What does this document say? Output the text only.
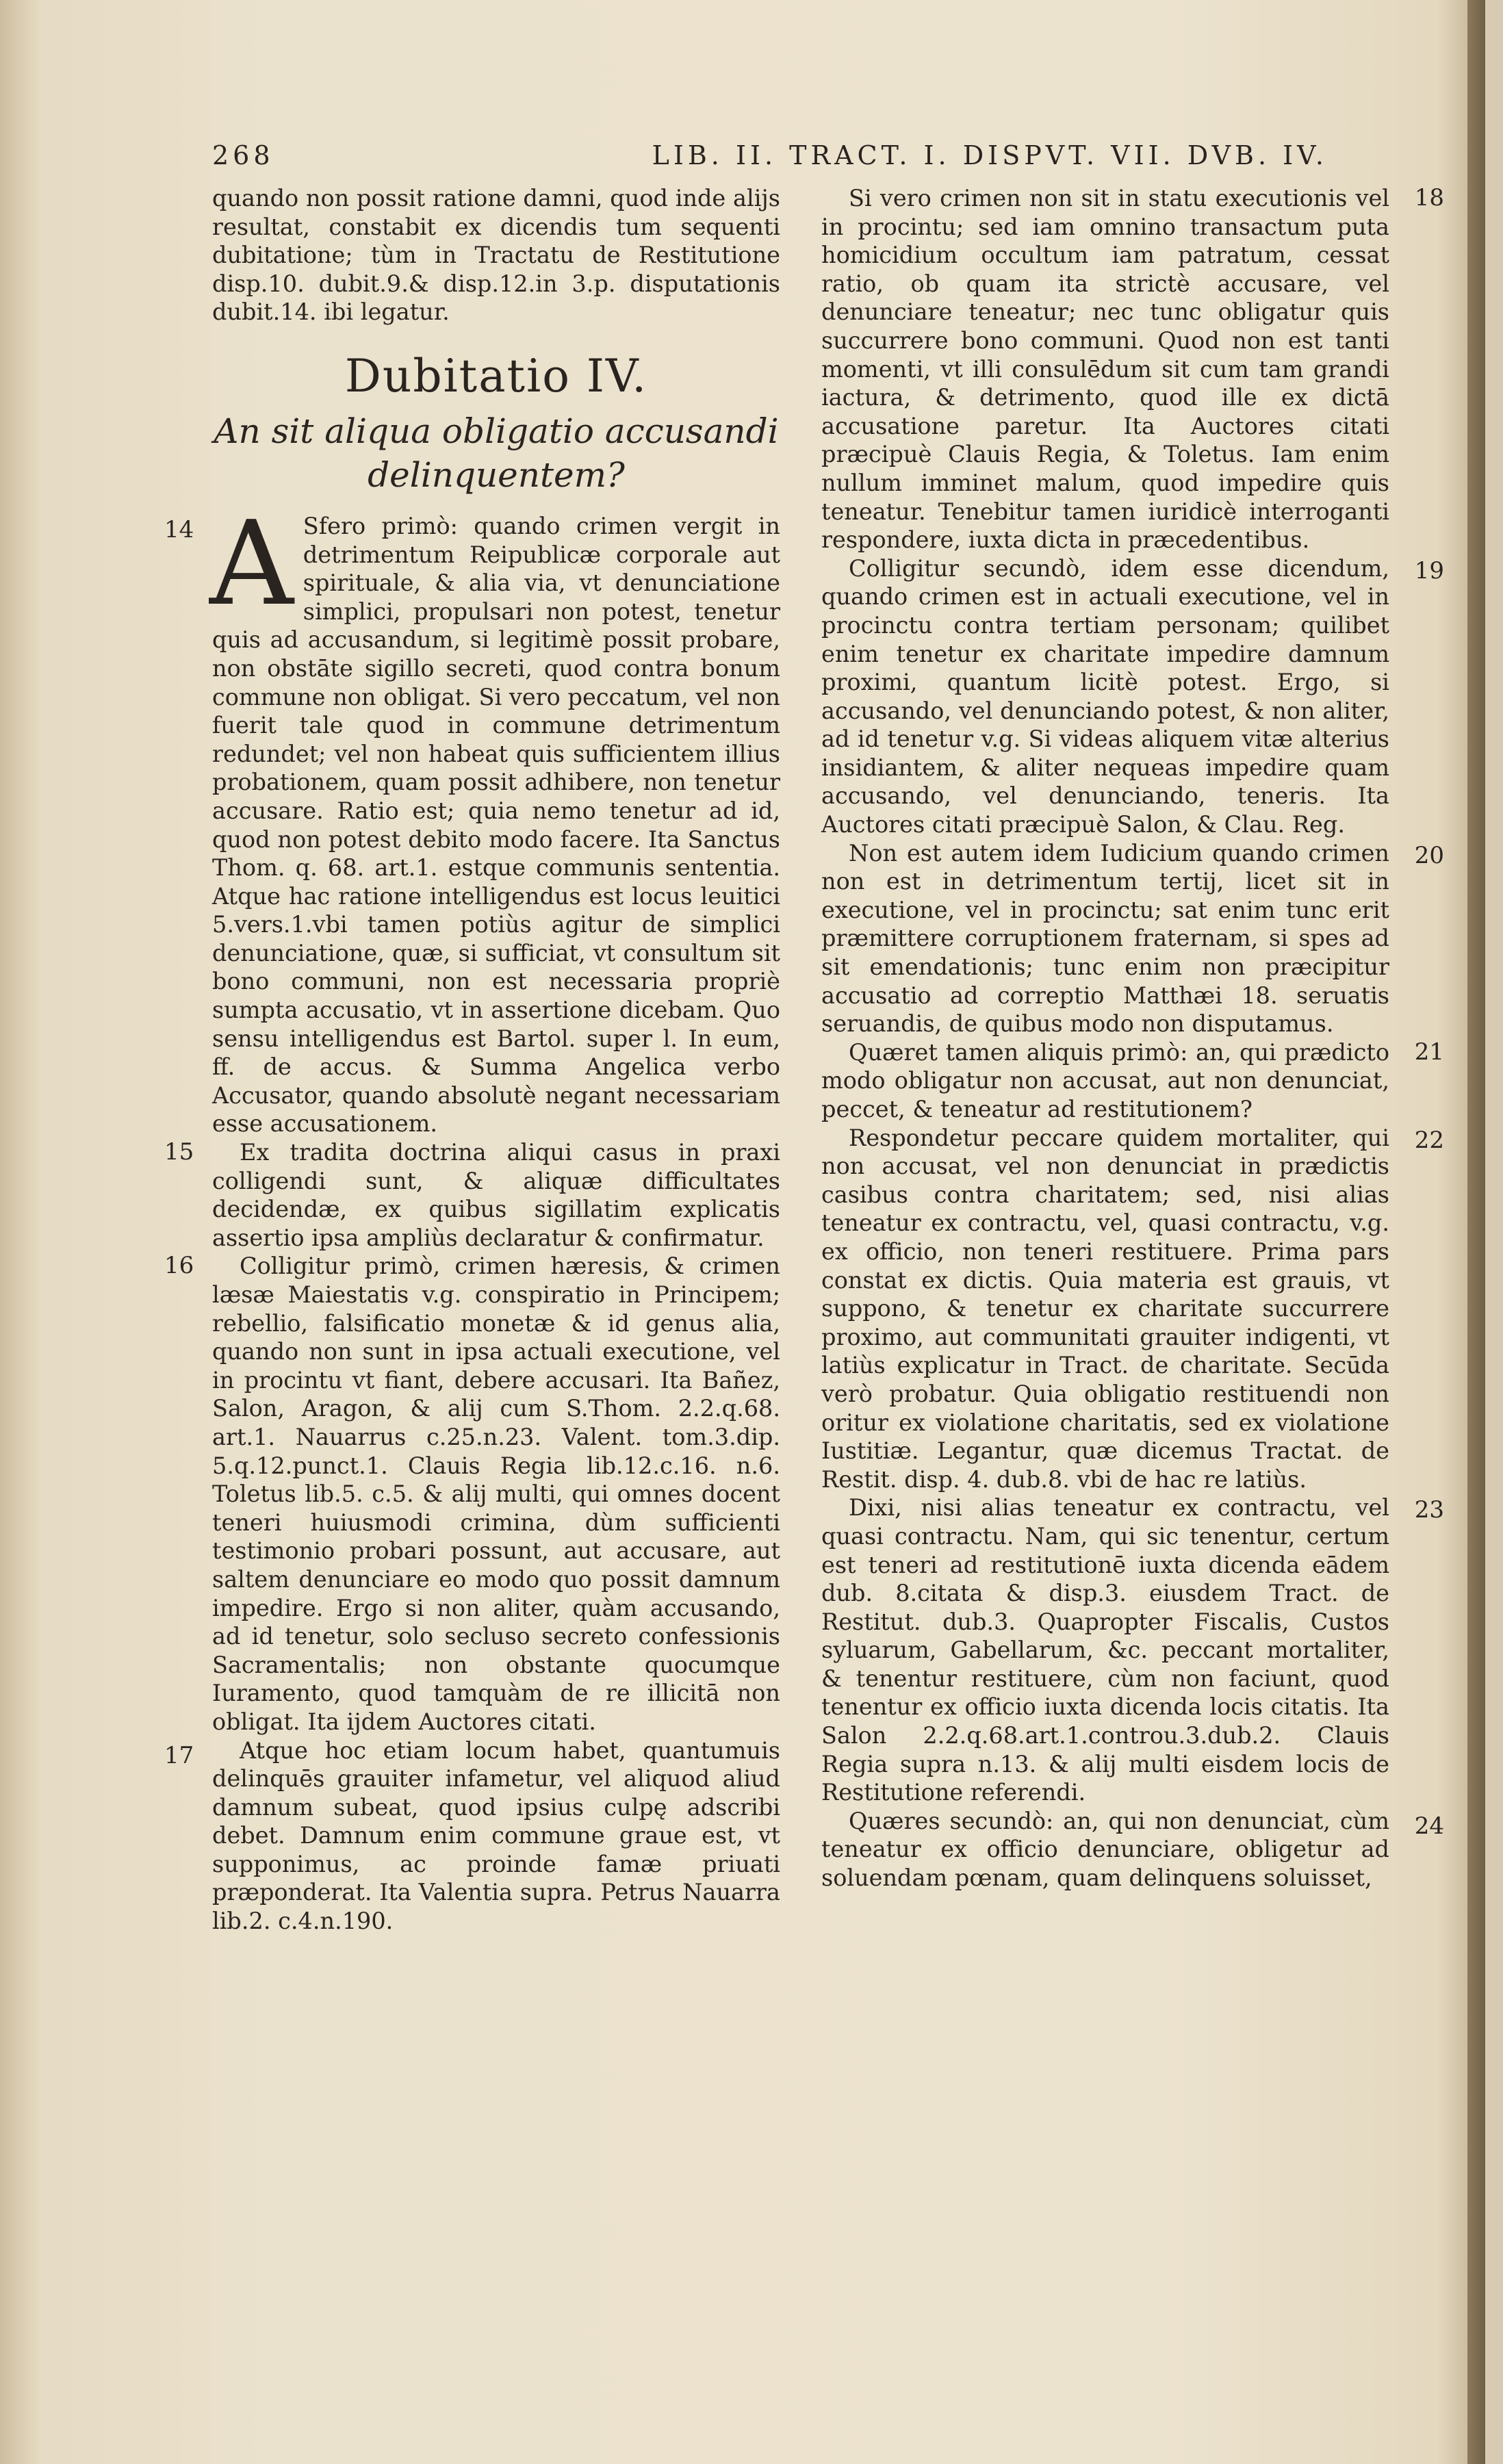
268	LIB. II. TRACT. I. DISPVT. VII. DVB. IV.

quando non possit ratione damni, quod inde alijs resultat, constabit ex dicendis tum sequenti dubitatione; tùm in Tractatu de Restitutione disp.10. dubit.9.& disp.12.in 3.p. disputationis dubit.14. ibi legatur.

Dubitatio IV.
An sit aliqua obligatio accusandi delinquentem?
14 A Sfero primò: quando crimen vergit in detrimentum Reipublicæ corporale aut spirituale, & alia via, vt denunciatione simplici, propulsari non potest, tenetur quis ad accusandum, si legitimè possit probare, non obstāte sigillo secreti, quod contra bonum commune non obligat. Si vero peccatum, vel non fuerit tale quod in commune detrimentum redundet; vel non habeat quis sufficientem illius probationem, quam possit adhibere, non tenetur accusare. Ratio est; quia nemo tenetur ad id, quod non potest debito modo facere. Ita Sanctus Thom. q. 68. art.1. estque communis sententia. Atque hac ratione intelligendus est locus leuitici 5.vers.1.vbi tamen potiùs agitur de simplici denunciatione, quæ, si sufficiat, vt consultum sit bono communi, non est necessaria propriè sumpta accusatio, vt in assertione dicebam. Quo sensu intelligendus est Bartol. super l. In eum, ff. de accus. & Summa Angelica verbo Accusator, quando absolutè negant necessariam esse accusationem.

15	Ex tradita doctrina aliqui casus in praxi colligendi sunt, & aliquæ difficultates decidendæ, ex quibus sigillatim explicatis assertio ipsa ampliùs declaratur & confirmatur.

16	Colligitur primò, crimen hæresis, & crimen læsæ Maiestatis v.g. conspiratio in Principem; rebellio, falsificatio monetæ & id genus alia, quando non sunt in ipsa actuali executione, vel in procintu vt fiant, debere accusari. Ita Bañez, Salon, Aragon, & alij cum S.Thom. 2.2.q.68. art.1. Nauarrus c.25.n.23. Valent. tom.3.dip. 5.q.12.punct.1. Clauis Regia lib.12.c.16. n.6. Toletus lib.5. c.5. & alij multi, qui omnes docent teneri huiusmodi crimina, dùm sufficienti testimonio probari possunt, aut accusare, aut saltem denunciare eo modo quo possit damnum impedire. Ergo si non aliter, quàm accusando, ad id tenetur, solo secluso secreto confessionis Sacramentalis; non obstante quocumque Iuramento, quod tamquàm de re illicitā non obligat. Ita ijdem Auctores citati.

17	Atque hoc etiam locum habet, quantumuis delinquēs grauiter infametur, vel aliquod aliud damnum subeat, quod ipsius culpę adscribi debet. Damnum enim commune graue est, vt supponimus, ac proinde famæ priuati præponderat. Ita Valentia supra. Petrus Nauarra lib.2. c.4.n.190.

18

Si vero crimen non sit in statu executionis vel in procintu; sed iam omnino transactum puta homicidium occultum iam patratum, cessat ratio, ob quam ita strictè accusare, vel denunciare teneatur; nec tunc obligatur quis succurrere bono communi. Quod non est tanti momenti, vt illi consulēdum sit cum tam grandi iactura, & detrimento, quod ille ex dictā accusatione paretur. Ita Auctores citati præcipuè Clauis Regia, & Toletus. Iam enim nullum imminet malum, quod impedire quis teneatur. Tenebitur tamen iuridicè interroganti respondere, iuxta dicta in præcedentibus.

19

Colligitur secundò, idem esse dicendum, quando crimen est in actuali executione, vel in procinctu contra tertiam personam; quilibet enim tenetur ex charitate impedire damnum proximi, quantum licitè potest. Ergo, si accusando, vel denunciando potest, & non aliter, ad id tenetur v.g. Si videas aliquem vitæ alterius insidiantem, & aliter nequeas impedire quam accusando, vel denunciando, teneris. Ita Auctores citati præcipuè Salon, & Clau. Reg.

20

Non est autem idem Iudicium quando crimen non est in detrimentum tertij, licet sit in executione, vel in procinctu; sat enim tunc erit præmittere corruptionem fraternam, si spes ad sit emendationis; tunc enim non præcipitur accusatio ad correptio Matthæi 18. seruatis seruandis, de quibus modo non disputamus.

21

Quæret tamen aliquis primò: an, qui prædicto modo obligatur non accusat, aut non denunciat, peccet, & teneatur ad restitutionem?

22

Respondetur peccare quidem mortaliter, qui non accusat, vel non denunciat in prædictis casibus contra charitatem; sed, nisi alias teneatur ex contractu, vel, quasi contractu, v.g. ex officio, non teneri restituere. Prima pars constat ex dictis. Quia materia est grauis, vt suppono, & tenetur ex charitate succurrere proximo, aut communitati grauiter indigenti, vt latiùs explicatur in Tract. de charitate. Secūda verò probatur. Quia obligatio restituendi non oritur ex violatione charitatis, sed ex violatione Iustitiæ. Legantur, quæ dicemus Tractat. de Restit. disp. 4. dub.8. vbi de hac re latiùs.

23

Dixi, nisi alias teneatur ex contractu, vel quasi contractu. Nam, qui sic tenentur, certum est teneri ad restitutionē iuxta dicenda eādem dub. 8.citata & disp.3. eiusdem Tract. de Restitut. dub.3. Quapropter Fiscalis, Custos syluarum, Gabellarum, &c. peccant mortaliter, & tenentur restituere, cùm non faciunt, quod tenentur ex officio iuxta dicenda locis citatis. Ita Salon 2.2.q.68.art.1.controu.3.dub.2. Clauis Regia supra n.13. & alij multi eisdem locis de Restitutione referendi.

24

Quæres secundò: an, qui non denunciat, cùm teneatur ex officio denunciare, obligetur ad soluendam pœnam, quam delinquens soluisset,
